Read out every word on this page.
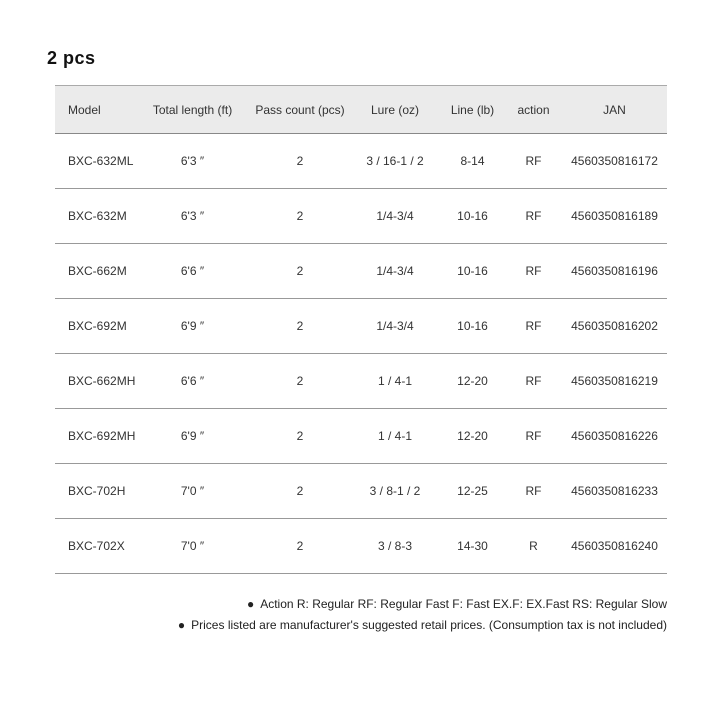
2 pcs
Model	Total length (ft)	Pass count (pcs)	Lure (oz)	Line (lb)	action	JAN
BXC-632ML	6'3 ″	2	3 / 16-1 / 2	8-14	RF	4560350816172
BXC-632M	6'3 ″	2	1/4-3/4	10-16	RF	4560350816189
BXC-662M	6'6 ″	2	1/4-3/4	10-16	RF	4560350816196
BXC-692M	6'9 ″	2	1/4-3/4	10-16	RF	4560350816202
BXC-662MH	6'6 ″	2	1 / 4-1	12-20	RF	4560350816219
BXC-692MH	6'9 ″	2	1 / 4-1	12-20	RF	4560350816226
BXC-702H	7'0 ″	2	3 / 8-1 / 2	12-25	RF	4560350816233
BXC-702X	7'0 ″	2	3 / 8-3	14-30	R	4560350816240
● Action R: Regular RF: Regular Fast F: Fast EX.F: EX.Fast RS: Regular Slow
● Prices listed are manufacturer's suggested retail prices. (Consumption tax is not included)
